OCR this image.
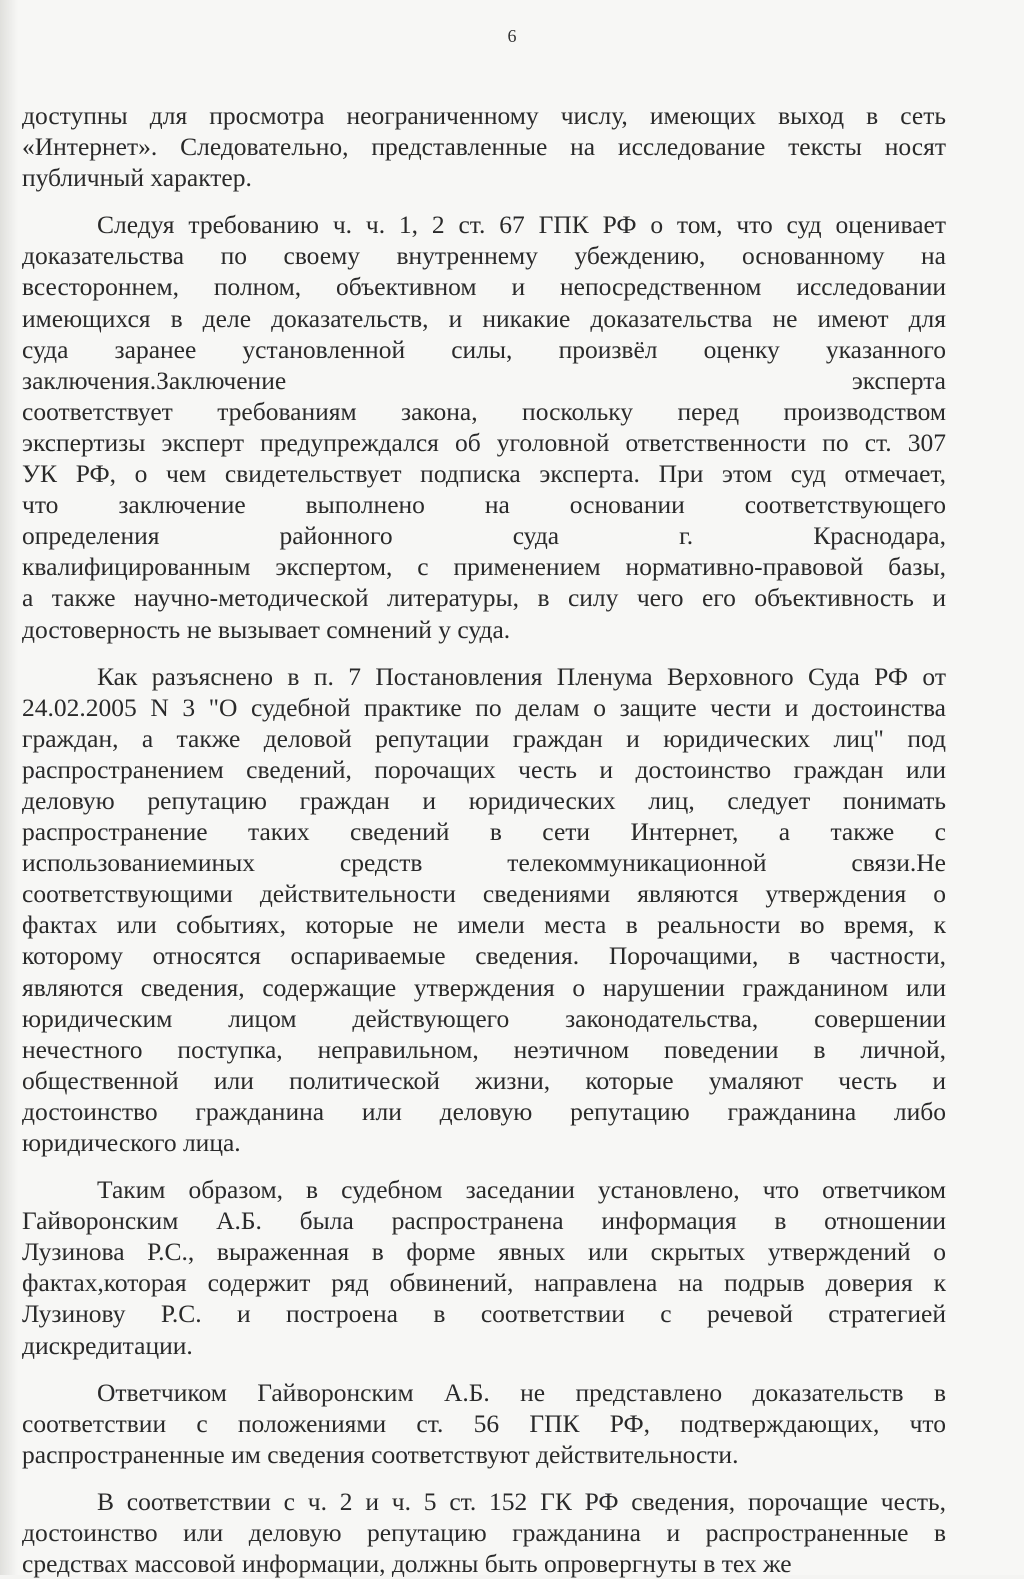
6
доступны для просмотра неограниченному числу, имеющих выход в сеть
«Интернет». Следовательно, представленные на исследование тексты носят
публичный характер.
Следуя требованию ч. ч. 1, 2 ст. 67 ГПК РФ о том, что суд оценивает
доказательства по своему внутреннему убеждению, основанному на
всестороннем, полном, объективном и непосредственном исследовании
имеющихся в деле доказательств, и никакие доказательства не имеют для
суда заранее установленной силы, произвёл оценку указанного
заключения.Заключение эксперта
соответствует требованиям закона, поскольку перед производством
экспертизы эксперт предупреждался об уголовной ответственности по ст. 307
УК РФ, о чем свидетельствует подписка эксперта. При этом суд отмечает,
что заключение выполнено на основании соответствующего
определения районного суда г. Краснодара,
квалифицированным экспертом, с применением нормативно-правовой базы,
а также научно-методической литературы, в силу чего его объективность и
достоверность не вызывает сомнений у суда.
Как разъяснено в п. 7 Постановления Пленума Верховного Суда РФ от
24.02.2005 N 3 "О судебной практике по делам о защите чести и достоинства
граждан, а также деловой репутации граждан и юридических лиц" под
распространением сведений, порочащих честь и достоинство граждан или
деловую репутацию граждан и юридических лиц, следует понимать
распространение таких сведений в сети Интернет, а также с
использованиеминых средств телекоммуникационной связи.Не
соответствующими действительности сведениями являются утверждения о
фактах или событиях, которые не имели места в реальности во время, к
которому относятся оспариваемые сведения. Порочащими, в частности,
являются сведения, содержащие утверждения о нарушении гражданином или
юридическим лицом действующего законодательства, совершении
нечестного поступка, неправильном, неэтичном поведении в личной,
общественной или политической жизни, которые умаляют честь и
достоинство гражданина или деловую репутацию гражданина либо
юридического лица.
Таким образом, в судебном заседании установлено, что ответчиком
Гайворонским А.Б. была распространена информация в отношении
Лузинова Р.С., выраженная в форме явных или скрытых утверждений о
фактах,которая содержит ряд обвинений, направлена на подрыв доверия к
Лузинову Р.С. и построена в соответствии с речевой стратегией
дискредитации.
Ответчиком Гайворонским А.Б. не представлено доказательств в
соответствии с положениями ст. 56 ГПК РФ, подтверждающих, что
распространенные им сведения соответствуют действительности.
В соответствии с ч. 2 и ч. 5 ст. 152 ГК РФ сведения, порочащие честь,
достоинство или деловую репутацию гражданина и распространенные в
средствах массовой информации, должны быть опровергнуты в тех же
